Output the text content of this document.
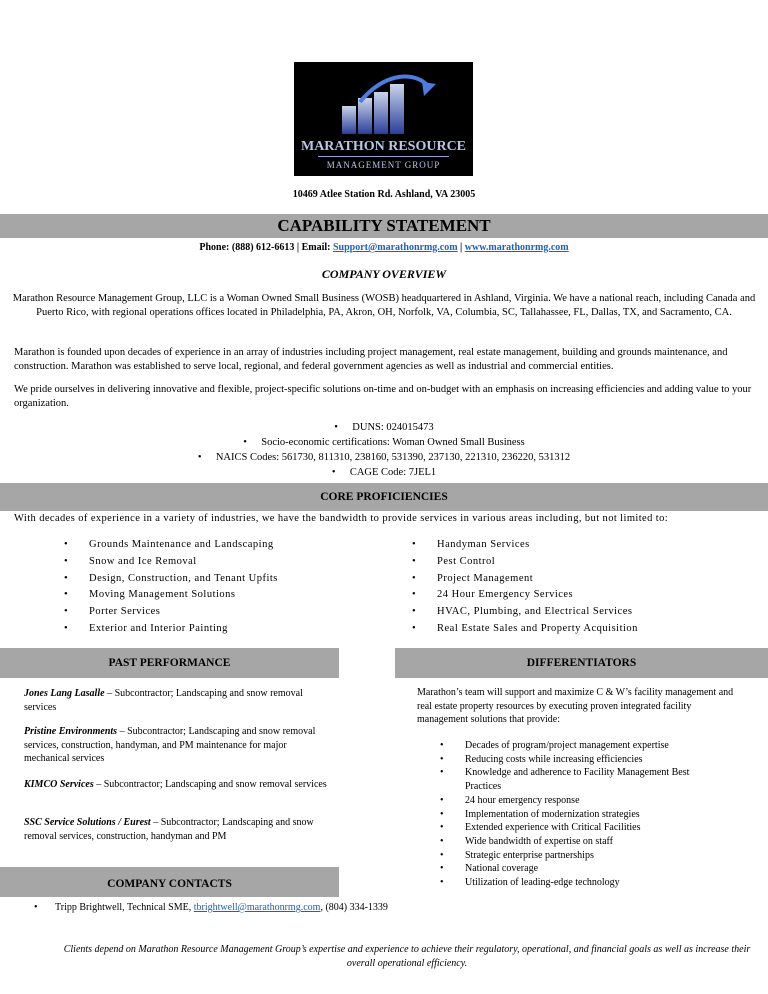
MARATHON RESOURCE
MANAGEMENT GROUP
10469 Atlee Station Rd. Ashland, VA 23005
CAPABILITY STATEMENT
Phone: (888) 612-6613 | Email: Support@marathonrmg.com | www.marathonrmg.com
COMPANY OVERVIEW
Marathon Resource Management Group, LLC is a Woman Owned Small Business (WOSB) headquartered in Ashland, Virginia. We have a national reach, including Canada and Puerto Rico, with regional operations offices located in Philadelphia, PA, Akron, OH, Norfolk, VA, Columbia, SC, Tallahassee, FL, Dallas, TX, and Sacramento, CA.
Marathon is founded upon decades of experience in an array of industries including project management, real estate management, building and grounds maintenance, and construction. Marathon was established to serve local, regional, and federal government agencies as well as industrial and commercial entities.
We pride ourselves in delivering innovative and flexible, project-specific solutions on-time and on-budget with an emphasis on increasing efficiencies and adding value to your organization.
• • DUNS: 024015473
• • Socio-economic certifications: Woman Owned Small Business
• • NAICS Codes: 561730, 811310, 238160, 531390, 237130, 221310, 236220, 531312
• • CAGE Code: 7JEL1
CORE PROFICIENCIES
With decades of experience in a variety of industries, we have the bandwidth to provide services in various areas including, but not limited to:
• Grounds Maintenance and Landscaping
• Snow and Ice Removal
• Design, Construction, and Tenant Upfits
• Moving Management Solutions
• Porter Services
• Exterior and Interior Painting
• Handyman Services
• Pest Control
• Project Management
• 24 Hour Emergency Services
• HVAC, Plumbing, and Electrical Services
• Real Estate Sales and Property Acquisition
PAST PERFORMANCE	DIFFERENTIATORS
Jones Lang Lasalle – Subcontractor; Landscaping and snow removal services
Pristine Environments – Subcontractor; Landscaping and snow removal services, construction, handyman, and PM maintenance for major mechanical services
KIMCO Services – Subcontractor; Landscaping and snow removal services
SSC Service Solutions / Eurest – Subcontractor; Landscaping and snow removal services, construction, handyman and PM
Marathon’s team will support and maximize C & W’s facility management and real estate property resources by executing proven integrated facility management solutions that provide:
• Decades of program/project management expertise
• Reducing costs while increasing efficiencies
• Knowledge and adherence to Facility Management Best Practices
• 24 hour emergency response
• Implementation of modernization strategies
• Extended experience with Critical Facilities
• Wide bandwidth of expertise on staff
• Strategic enterprise partnerships
• National coverage
• Utilization of leading-edge technology
COMPANY CONTACTS
• Tripp Brightwell, Technical SME, tbrightwell@marathonrmg.com, (804) 334-1339
Clients depend on Marathon Resource Management Group’s expertise and experience to achieve their regulatory, operational, and financial goals as well as increase their overall operational efficiency.
